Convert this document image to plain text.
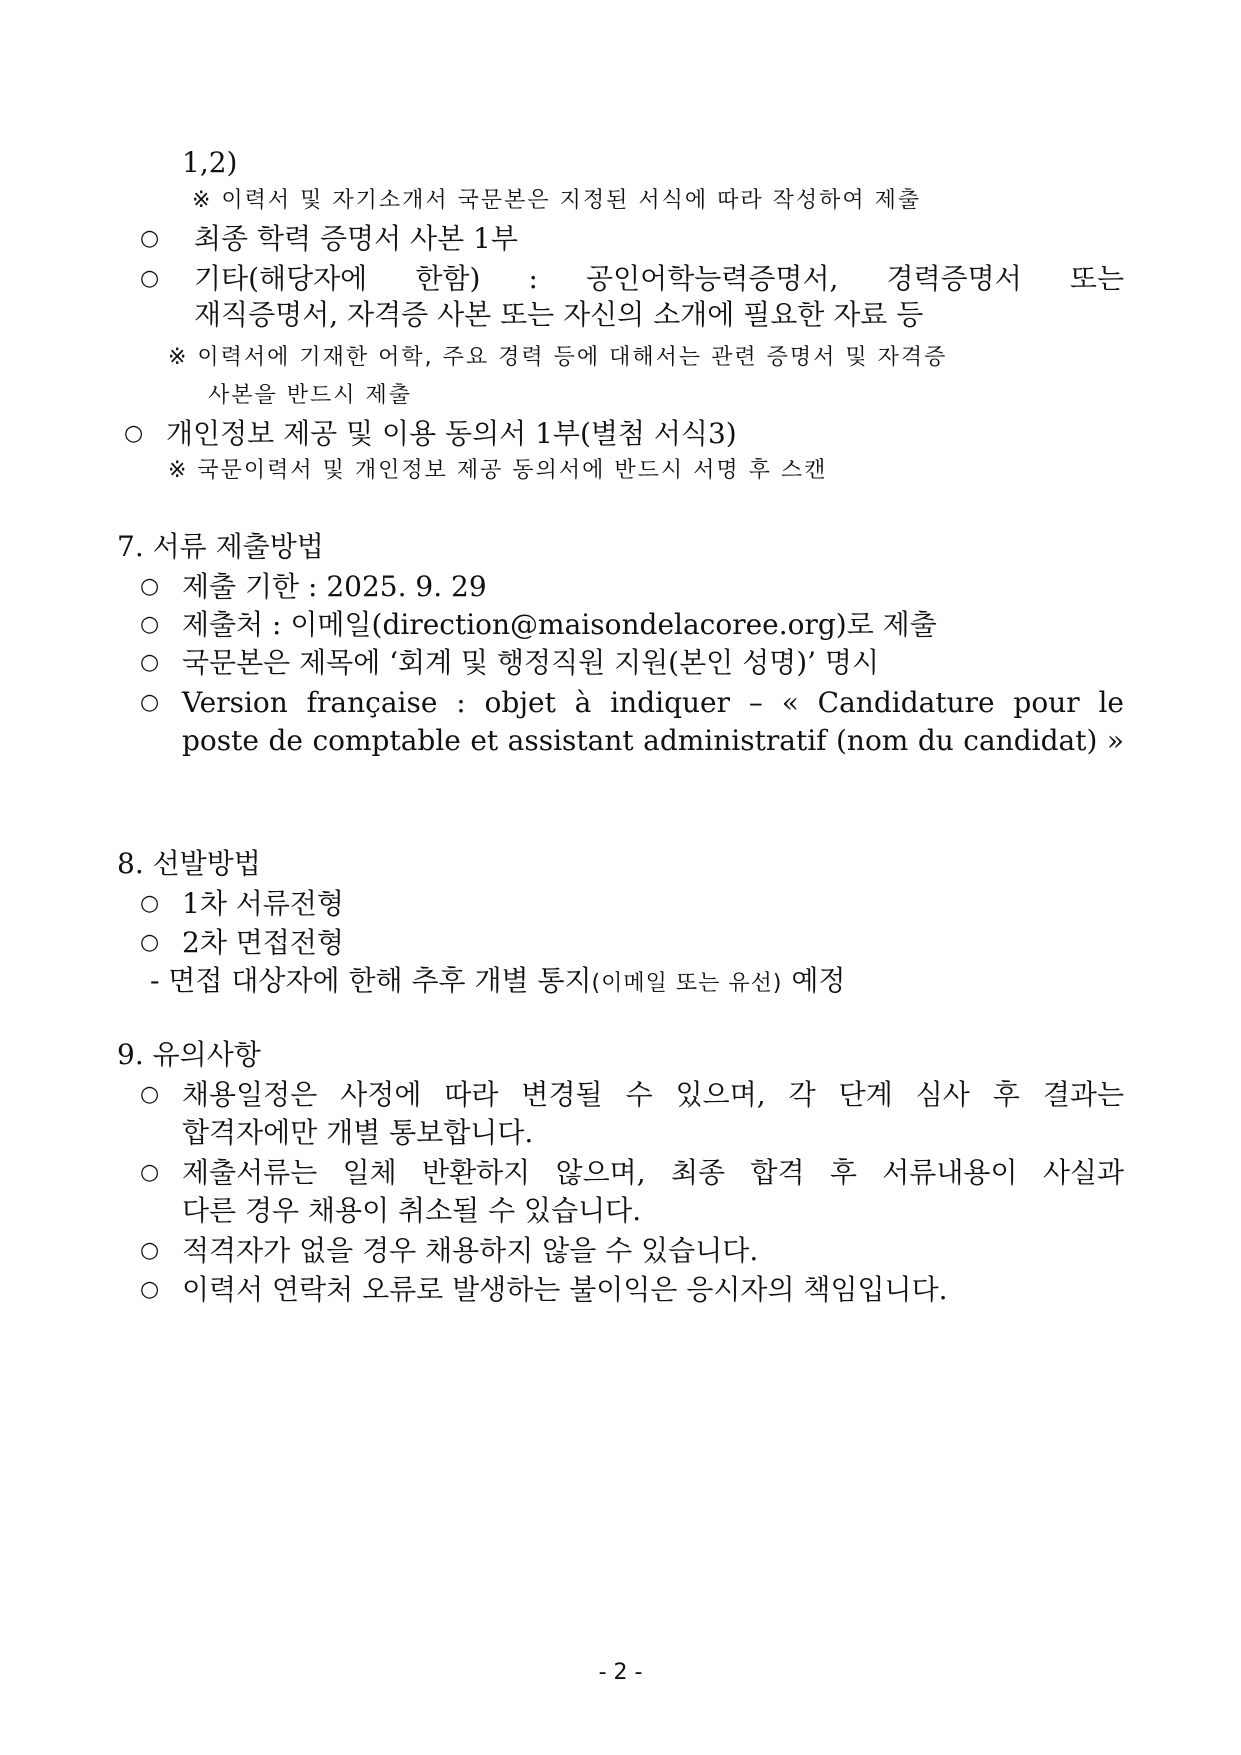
1,2)
※ 이력서 및 자기소개서 국문본은 지정된 서식에 따라 작성하여 제출
○ 최종 학력 증명서 사본 1부
○ 기타(해당자에 한함) : 공인어학능력증명서, 경력증명서 또는
재직증명서, 자격증 사본 또는 자신의 소개에 필요한 자료 등
※ 이력서에 기재한 어학, 주요 경력 등에 대해서는 관련 증명서 및 자격증
사본을 반드시 제출
○ 개인정보 제공 및 이용 동의서 1부(별첨 서식3)
※ 국문이력서 및 개인정보 제공 동의서에 반드시 서명 후 스캔
7. 서류 제출방법
○ 제출 기한 : 2025. 9. 29
○ 제출처 : 이메일(direction@maisondelacoree.org)로 제출
○ 국문본은 제목에 ‘회계 및 행정직원 지원(본인 성명)’ 명시
○ Version française : objet à indiquer – « Candidature pour le
poste de comptable et assistant administratif (nom du candidat) »
8. 선발방법
○ 1차 서류전형
○ 2차 면접전형
- 면접 대상자에 한해 추후 개별 통지(이메일 또는 유선) 예정
9. 유의사항
○ 채용일정은 사정에 따라 변경될 수 있으며, 각 단계 심사 후 결과는
합격자에만 개별 통보합니다.
○ 제출서류는 일체 반환하지 않으며, 최종 합격 후 서류내용이 사실과
다른 경우 채용이 취소될 수 있습니다.
○ 적격자가 없을 경우 채용하지 않을 수 있습니다.
○ 이력서 연락처 오류로 발생하는 불이익은 응시자의 책임입니다.
- 2 -
